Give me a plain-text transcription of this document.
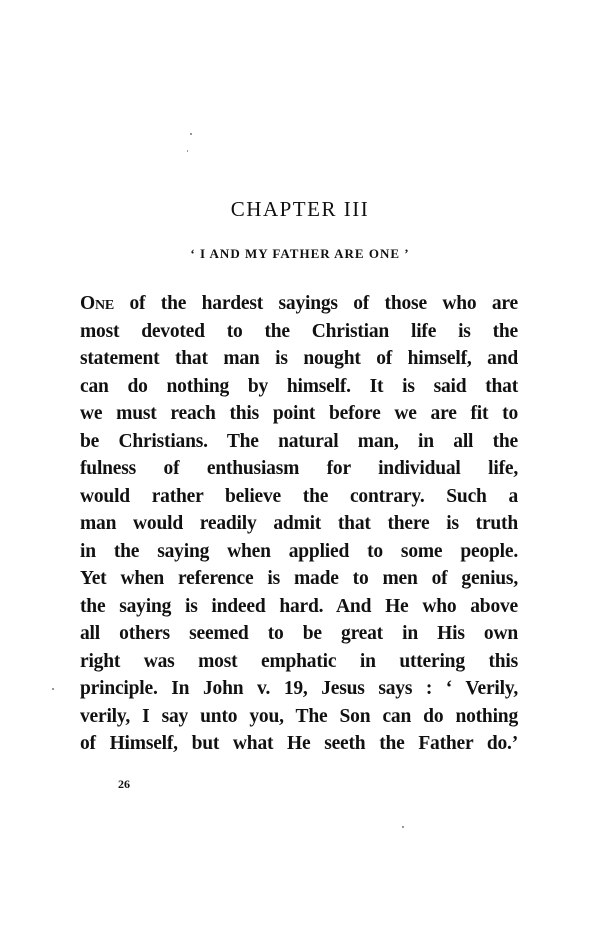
CHAPTER III
‘ I AND MY FATHER ARE ONE ’
One of the hardest sayings of those who are
most devoted to the Christian life is the
statement that man is nought of himself, and
can do nothing by himself. It is said that
we must reach this point before we are fit to
be Christians. The natural man, in all the
fulness of enthusiasm for individual life,
would rather believe the contrary. Such a
man would readily admit that there is truth
in the saying when applied to some people.
Yet when reference is made to men of genius,
the saying is indeed hard. And He who above
all others seemed to be great in His own
right was most emphatic in uttering this
principle. In John v. 19, Jesus says : ‘ Verily,
verily, I say unto you, The Son can do nothing
of Himself, but what He seeth the Father do.’
26
